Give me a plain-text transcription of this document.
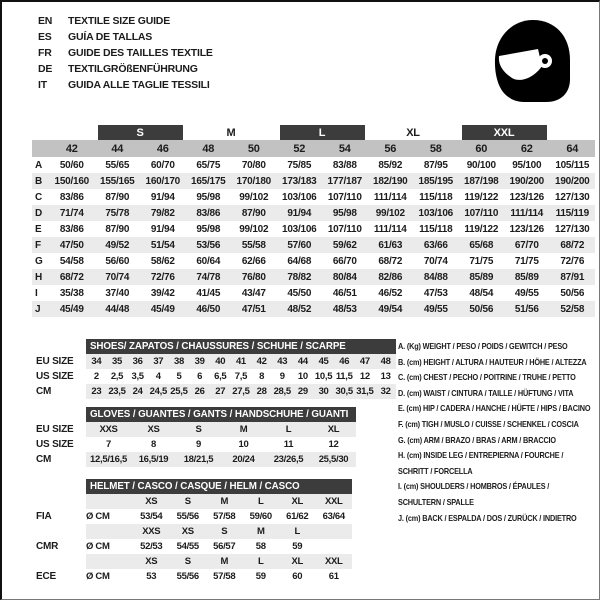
EN	TEXTILE SIZE GUIDE
ES	GUÍA DE TALLAS
FR	GUIDE DES TAILLES TEXTILE
DE	TEXTILGRÖßENFÜHRUNG
IT	GUIDA ALLE TAGLIE TESSILI
		S		M		L		XL		XXL		
	42	44	46	48	50	52	54	56	58	60	62	64
A	50/60	55/65	60/70	65/75	70/80	75/85	83/88	85/92	87/95	90/100	95/100	105/115
B	150/160	155/165	160/170	165/175	170/180	173/183	177/187	182/190	185/195	187/198	190/200	190/200
C	83/86	87/90	91/94	95/98	99/102	103/106	107/110	111/114	115/118	119/122	123/126	127/130
D	71/74	75/78	79/82	83/86	87/90	91/94	95/98	99/102	103/106	107/110	111/114	115/119
E	83/86	87/90	91/94	95/98	99/102	103/106	107/110	111/114	115/118	119/122	123/126	127/130
F	47/50	49/52	51/54	53/56	55/58	57/60	59/62	61/63	63/66	65/68	67/70	68/72
G	54/58	56/60	58/62	60/64	62/66	64/68	66/70	68/72	70/74	71/75	71/75	72/76
H	68/72	70/74	72/76	74/78	76/80	78/82	80/84	82/86	84/88	85/89	85/89	87/91
I	35/38	37/40	39/42	41/45	43/47	45/50	46/51	46/52	47/53	48/54	49/55	50/56
J	45/49	44/48	45/49	46/50	47/51	48/52	48/53	49/54	49/55	50/56	51/56	52/58
	SHOES/ ZAPATOS / CHAUSSURES / SCHUHE / SCARPE														
EU SIZE	34	35	36	37	38	39	40	41	42	43	44	45	46	47	48
US SIZE	2	2,5	3,5	4	5	6	6,5	7,5	8	9	10	10,5	11,5	12	13
CM	23	23,5	24	24,5	25,5	26	27	27,5	28	28,5	29	30	30,5	31,5	32
	GLOVES / GUANTES / GANTS / HANDSCHUHE / GUANTI					
EU SIZE	XXS	XS	S	M	L	XL
US SIZE	7	8	9	10	11	12
CM	12,5/16,5	16,5/19	18/21,5	20/24	23/26,5	25,5/30
	HELMET / CASCO / CASQUE / HELM / CASCO						
		XS	S	M	L	XL	XXL
FIA	Ø CM	53/54	55/56	57/58	59/60	61/62	63/64
		XXS	XS	S	M	L	
CMR	Ø CM	52/53	54/55	56/57	58	59	
		XS	S	M	L	XL	XXL
ECE	Ø CM	53	55/56	57/58	59	60	61
A. (Kg) WEIGHT / PESO / POIDS / GEWITCH / PESO
B. (cm) HEIGHT / ALTURA / HAUTEUR / HÖHE / ALTEZZA
C. (cm) CHEST / PECHO / POITRINE / TRUHE / PETTO
D. (cm) WAIST / CINTURA / TAILLE / HÜFTUNG / VITA
E. (cm) HIP / CADERA / HANCHE / HÜFTE / HIPS / BACINO
F. (cm) TIGH / MUSLO / CUISSE / SCHENKEL / COSCIA
G. (cm) ARM / BRAZO / BRAS / ARM / BRACCIO
H. (cm) INSIDE LEG / ENTREPIERNA / FOURCHE /
SCHRITT / FORCELLA
I. (cm) SHOULDERS / HOMBROS / ÉPAULES /
SCHULTERN / SPALLE
J. (cm) BACK / ESPALDA / DOS / ZURÜCK / INDIETRO
